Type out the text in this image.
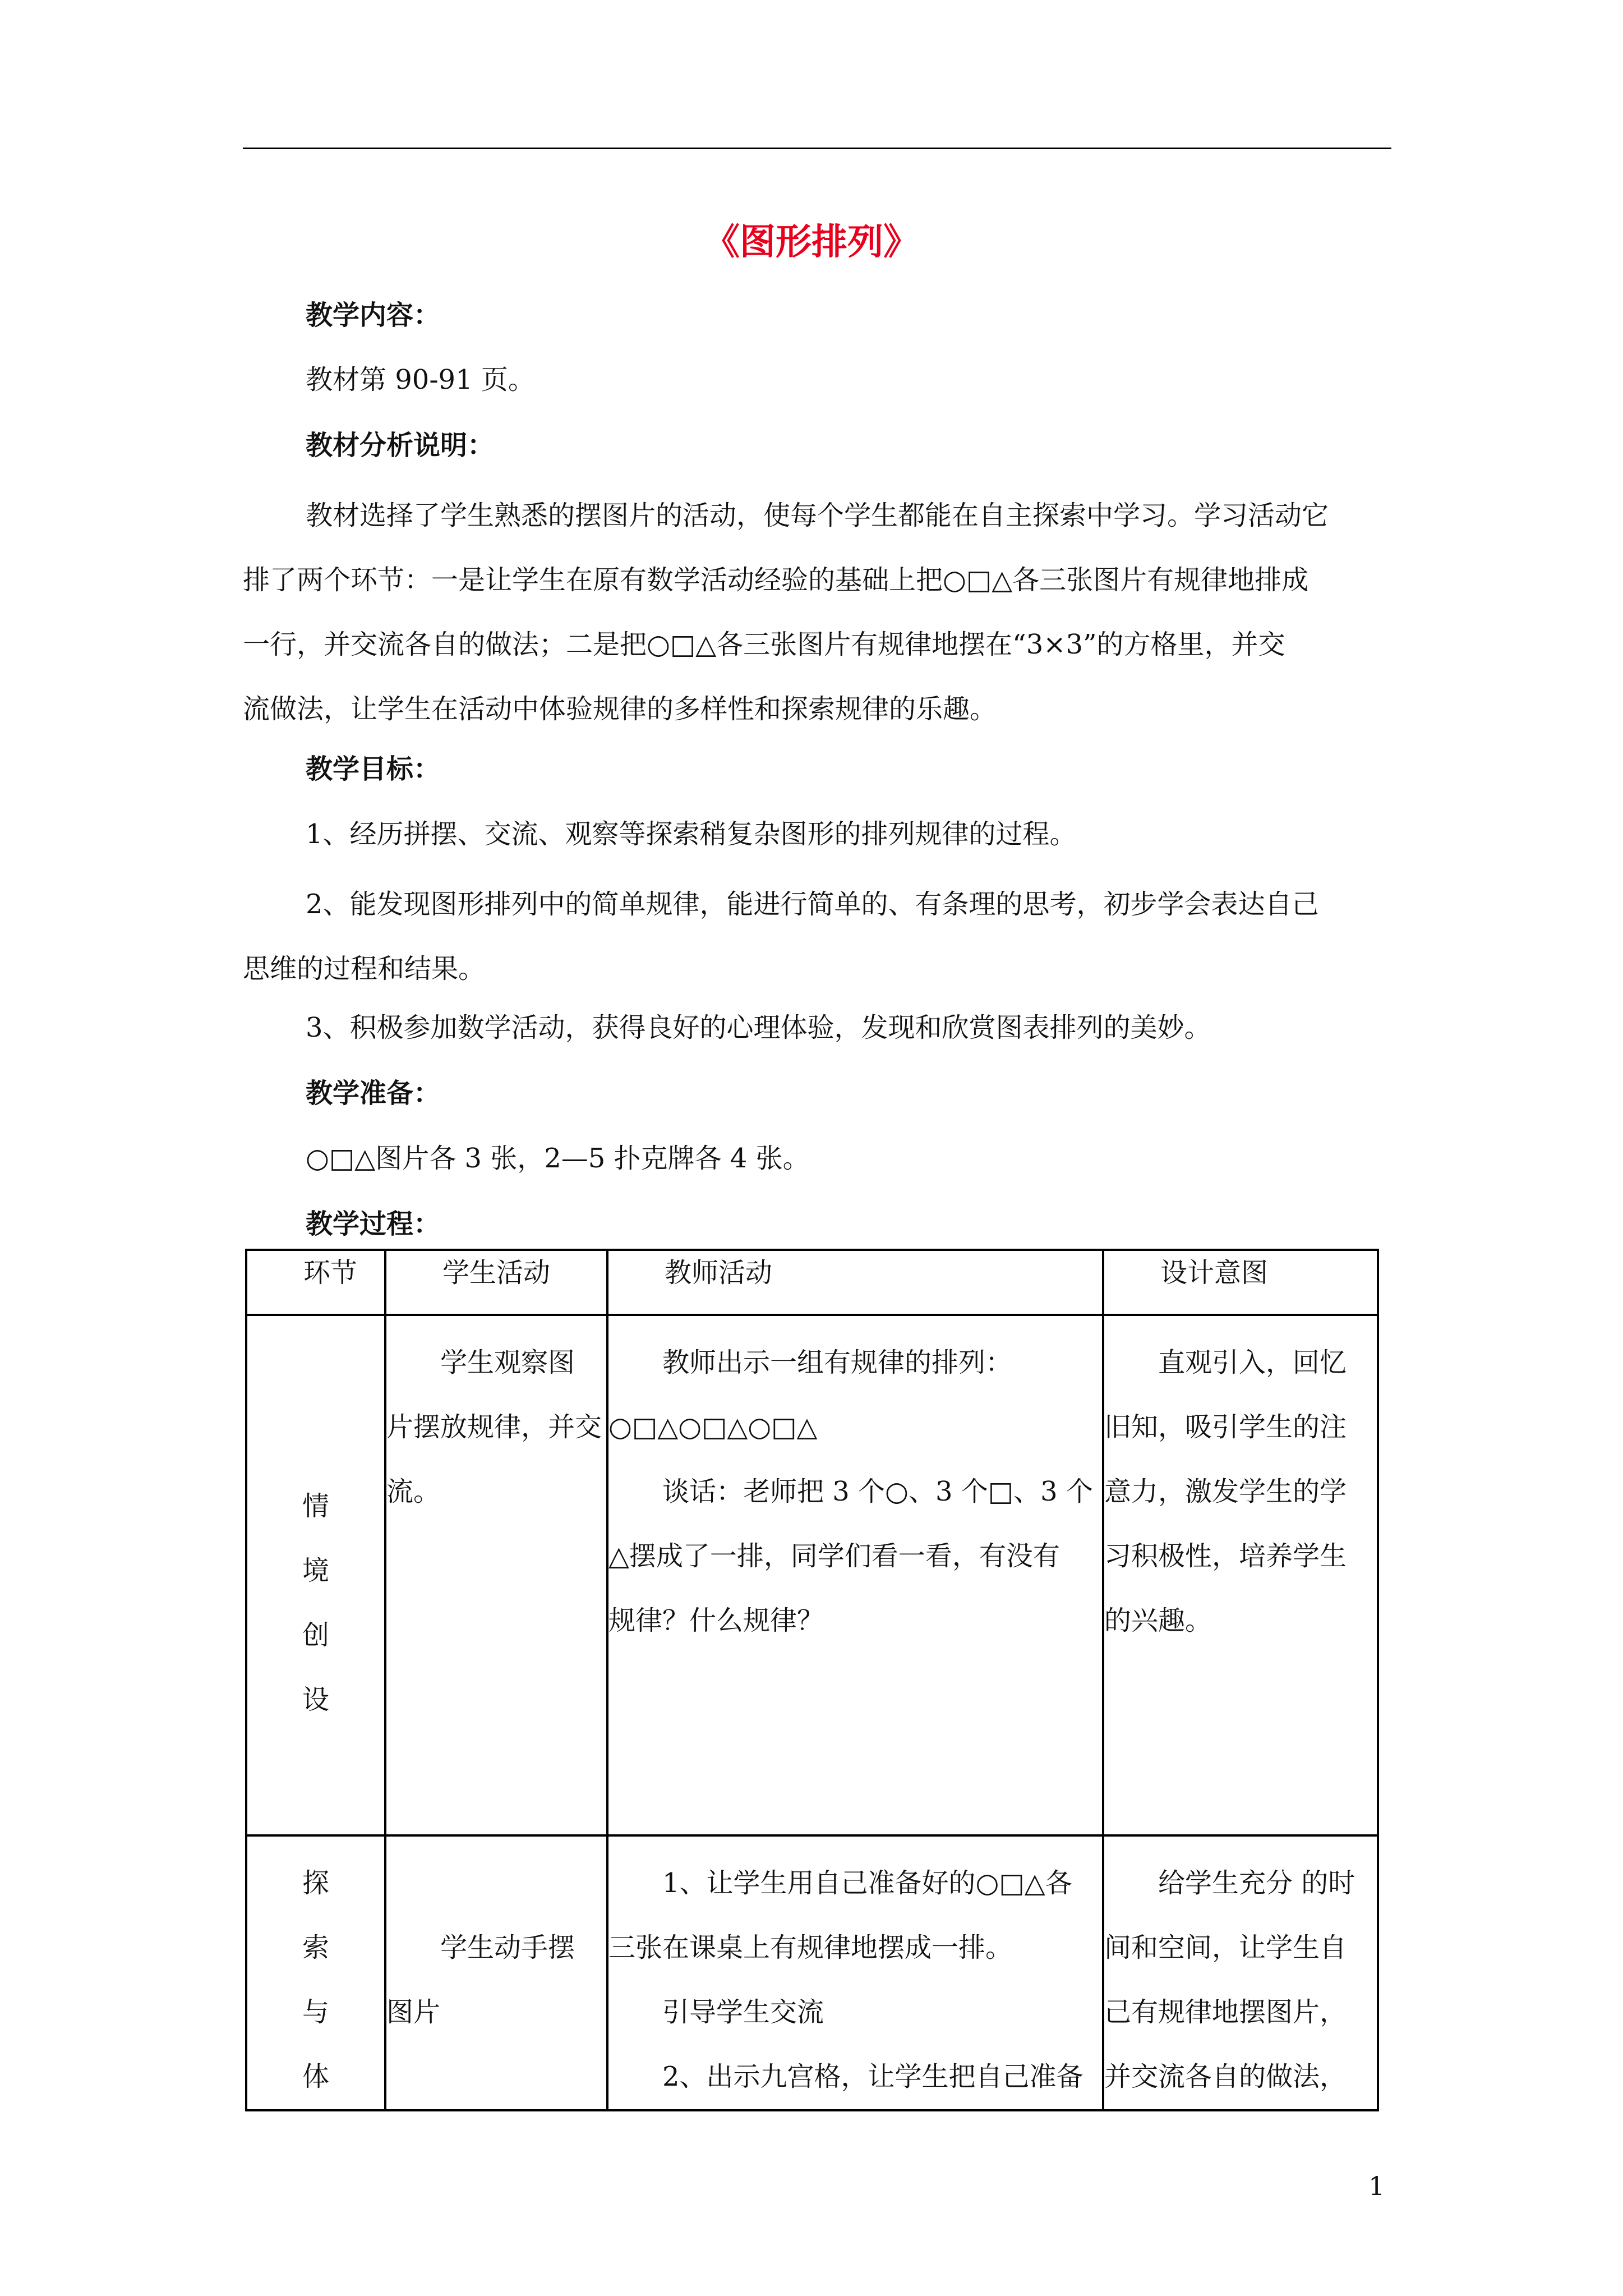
《图形排列》
教学内容：
教材第 90-91 页。
教材分析说明：
教材选择了学生熟悉的摆图片的活动，使每个学生都能在自主探索中学习。学习活动它
排了两个环节：一是让学生在原有数学活动经验的基础上把○□△各三张图片有规律地排成
一行，并交流各自的做法；二是把○□△各三张图片有规律地摆在“3×3”的方格里，并交
流做法，让学生在活动中体验规律的多样性和探索规律的乐趣。
教学目标：
1、经历拼摆、交流、观察等探索稍复杂图形的排列规律的过程。
2、能发现图形排列中的简单规律，能进行简单的、有条理的思考，初步学会表达自己
思维的过程和结果。
3、积极参加数学活动，获得良好的心理体验，发现和欣赏图表排列的美妙。
教学准备：
○□△图片各 3 张，2—5 扑克牌各 4 张。
教学过程：
环节	学生活动	教师活动	设计意图

情
境
创
设	　　学生观察图
片摆放规律，并交
流。	　　教师出示一组有规律的排列：
○□△○□△○□△
　　谈话：老师把 3 个○、3 个□、3 个
△摆成了一排，同学们看一看，有没有
规律？什么规律？	　　直观引入，回忆
旧知，吸引学生的注
意力，激发学生的学
习积极性，培养学生
的兴趣。

探
索
与
体	　　学生动手摆
图片	　　1、让学生用自己准备好的○□△各
三张在课桌上有规律地摆成一排。
　　引导学生交流
　　2、出示九宫格，让学生把自己准备	　　给学生充分 的时
间和空间，让学生自
己有规律地摆图片，
并交流各自的做法，
1
